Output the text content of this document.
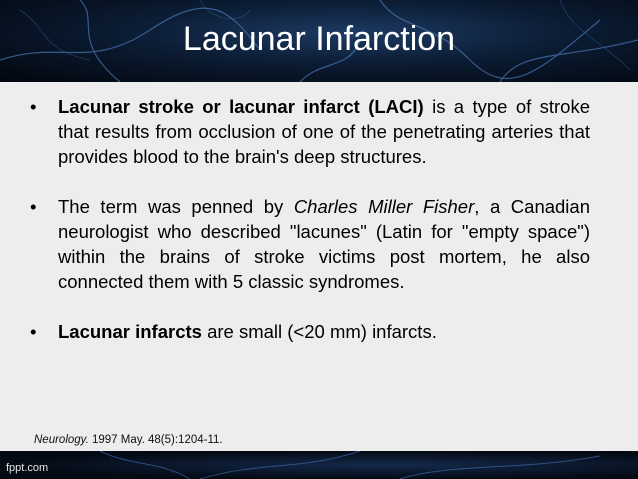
Lacunar Infarction
• Lacunar stroke or lacunar infarct (LACI) is a type of stroke that results from occlusion of one of the penetrating arteries that provides blood to the brain's deep structures.
• The term was penned by Charles Miller Fisher, a Canadian neurologist who described "lacunes" (Latin for "empty space") within the brains of stroke victims post mortem, he also connected them with 5 classic syndromes.
• Lacunar infarcts are small (<20 mm) infarcts.
Neurology. 1997 May. 48(5):1204-11.
fppt.com
